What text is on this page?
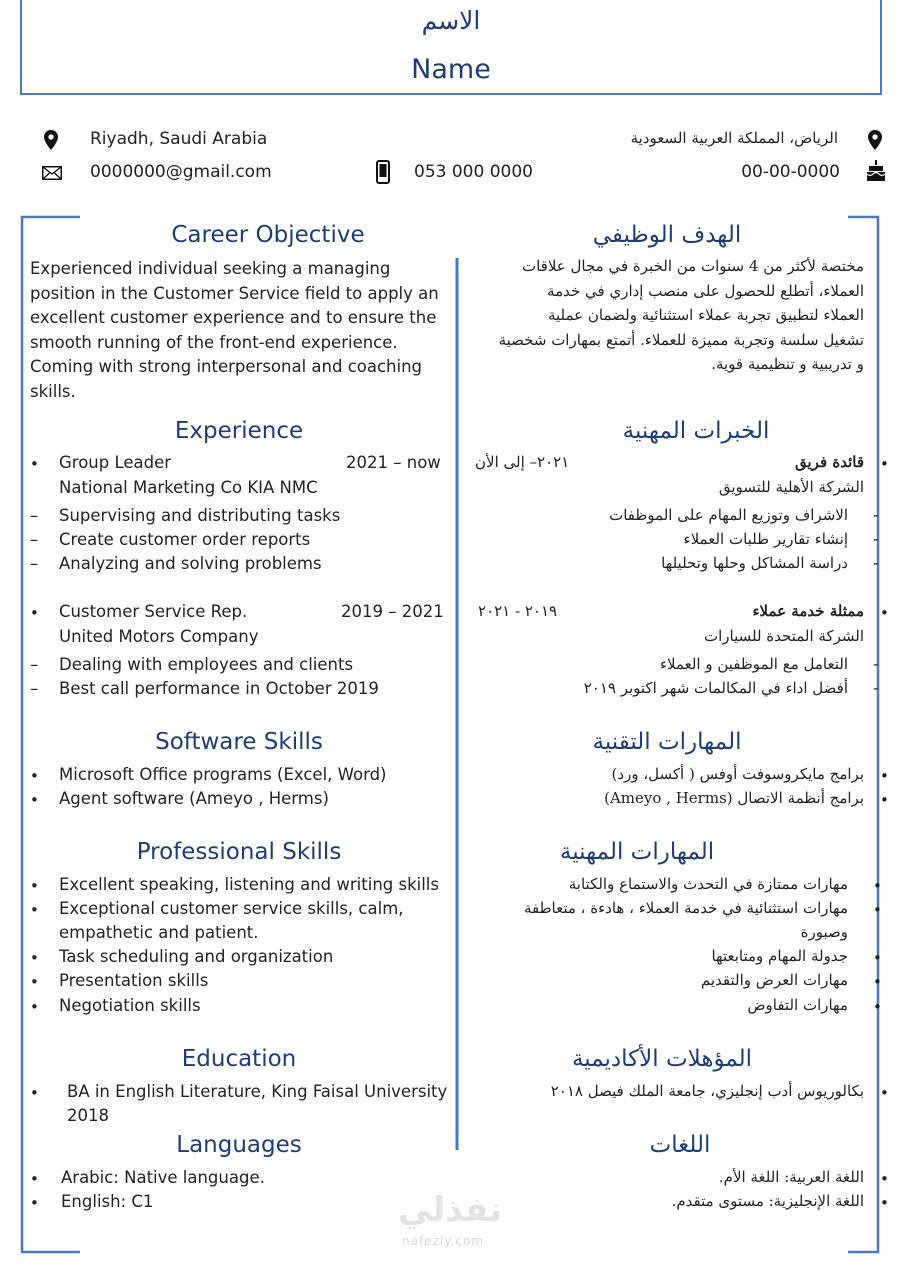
الاسم
Name
Riyadh, Saudi Arabia	الرياض، المملكة العربية السعودية
0000000@gmail.com	053 000 0000	00-00-0000
Career Objective
Experienced individual seeking a managing position in the Customer Service field to apply an excellent customer experience and to ensure the smooth running of the front-end experience. Coming with strong interpersonal and coaching skills.
Experience
• Group Leader	2021 – now
National Marketing Co KIA NMC
– Supervising and distributing tasks
– Create customer order reports
– Analyzing and solving problems
• Customer Service Rep.	2019 – 2021
United Motors Company
– Dealing with employees and clients
– Best call performance in October 2019
Software Skills
• Microsoft Office programs (Excel, Word)
• Agent software (Ameyo , Herms)
Professional Skills
• Excellent speaking, listening and writing skills
• Exceptional customer service skills, calm,
empathetic and patient.
• Task scheduling and organization
• Presentation skills
• Negotiation skills
Education
• BA in English Literature, King Faisal University
2018
Languages
• Arabic: Native language.
• English: C1
الهدف الوظيفي
مختصة لأكثر من 4 سنوات من الخبرة في مجال علاقات
العملاء، أتطلع للحصول على منصب إداري في خدمة
العملاء لتطبيق تجربة عملاء استثنائية ولضمان عملية
تشغيل سلسة وتجربة مميزة للعملاء. أتمتع بمهارات شخصية
و تدريبية و تنظيمية قوية.
الخبرات المهنية
•
قائدة فريق
٢٠٢١– إلى الأن
الشركة الأهلية للتسويق
-
الاشراف وتوزيع المهام على الموظفات
-
إنشاء تقارير طلبات العملاء
-
دراسة المشاكل وحلها وتحليلها
•
ممثلة خدمة عملاء
٢٠١٩ - ٢٠٢١
الشركة المتحدة للسيارات
-
التعامل مع الموظفين و العملاء
-
أفضل اداء في المكالمات شهر اكتوبر ٢٠١٩
المهارات التقنية
•
برامج مايكروسوفت أوفس ( أكسل، ورد)
•
برامج أنظمة الاتصال (Ameyo , Herms)
المهارات المهنية
•
مهارات ممتازة في التحدث والاستماع والكتابة
•
مهارات استثنائية في خدمة العملاء ، هادءة ، متعاطفة
وصبورة
•
جدولة المهام ومتابعتها
•
مهارات العرض والتقديم
•
مهارات التفاوض
المؤهلات الأكاديمية
•
بكالوريوس أدب إنجليزي، جامعة الملك فيصل ٢٠١٨
اللغات
•
اللغة العربية: اللغة الأم.
•
اللغة الإنجليزية: مستوى متقدم.
نفذلي
nafezly.com
